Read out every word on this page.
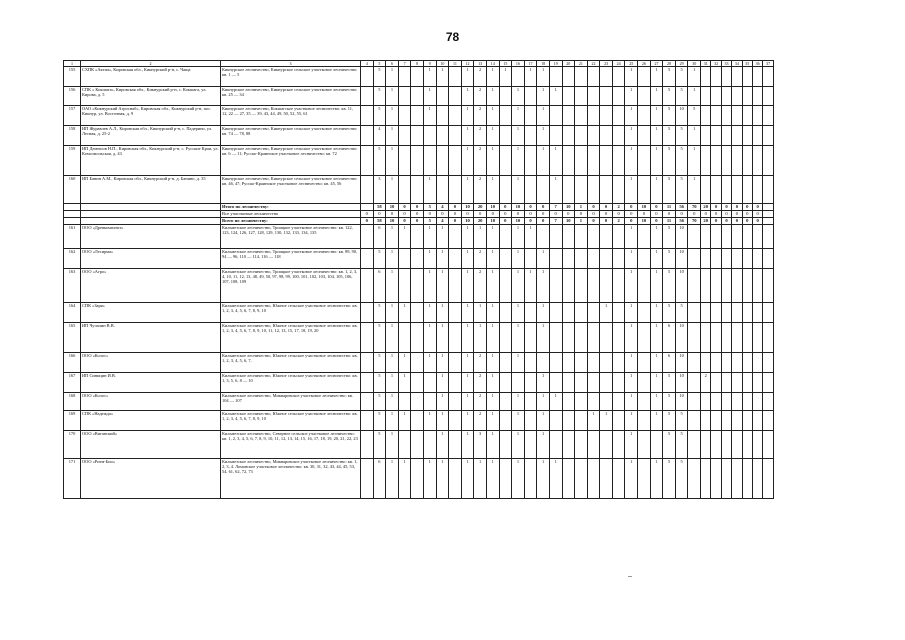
78
1	2	3	4	5	6	7	8	9	10	11	12	13	14	15	16	17	18	19	20	21	22	23	24	25	26	27	28	29	30	31	32	33	34	35	36	37
155	СХПК «Актаи», Кировская обл., Кикнурский р-н, с. Чаща	Кикнурское лесничество, Кикнурское сельское участковое лесничество: кв. 1 — 5		5	1			1	1		1	2	1	1		1	1							1		1	5	5	1							
156	СПК « Кокшага», Кировская обл., Кикнурский р-н, с. Кокшага, ул. Кирова, д. 5	Кикнурское лесничество, Кикнурское сельское участковое лесничество: кв. 25 — 34		5	1			1			1	2	1		1		1	1						1		1	5	5	1							
157	ОАО «Кикнурский Агроснаб», Кировская обл., Кикнурский р-н, пос. Кикнур, ул. Восточная, д. 9	Кикнурское лесничество, Кокшагское участковое лесничество: кв. 11, 12, 22 — 27, 35 — 39, 43, 44, 49, 50, 52, 55, 61		5	1			1			1	2	1		1		1							1		1	5	10	5							
158	ИП Журавлев А.Л., Кировская обл., Кикнурский р-н, с. Падерино, ул. Лесная, д. 25-2	Кикнурское лесничество, Кикнурское сельское участковое лесничество: кв. 74 — 78, 88		4	1						1	2	1		1		1							1		1	5	5	1							
159	ИП Демешов Н.П., Кировская обл., Кикнурский р-н, с. Русские Краи, ул. Комсомольская, д. 43	Кикнурское лесничество, Кикнурское сельское участковое лесничество: кв. 6 — 11; Русско-Краинское участковое лесничество: кв. 72		5	1						1	2	1		1		1	1						1		1	5	5	1							
160	ИП Банин А.М., Кировская обл., Кикнурский р-н, д. Банино, д. 35	Кикнурское лесничество, Кикнурское сельское участковое лесничество: кв. 46, 47; Русско-Краинское участковое лесничество: кв. 45, 56		3	1			1			1	2	1		1			1						1		1	5	5	1							
		Итого по лесничеству:		58	10	0	0	5	4	0	10	20	10	0	10	0	0	7	10	1	0	0	2	0	10	0	11	56	70	20	0	0	0	0	0	
		Все участковые лесничества	0	0	0	0	0	0	0	0	0	0	0	0	0	0	0	0	0	0	0	0	0	0	0	0	0	0	0	0	0	0	0	0	0	
		Всего по лесничеству:	0	58	10	0	0	5	4	0	10	20	10	0	10	0	0	7	10	1	0	0	2	0	10	0	11	56	70	20	0	0	0	0	0	
161	ООО «Древкомплект»	Кильмезское лесничество, Троицкое участковое лесничество: кв. 122, 123, 124, 126, 127, 128, 129, 130, 132, 133, 134, 135		6	1	1		1	1		1	1	1		1	1								1		1	5	10								
162	ООО «Лесирма»	Кильмезское лесничество, Троицкое участковое лесничество: кв. 89, 90, 94 — 96, 110 — 114, 116 — 118		5	1			1	1		1	2	1		1		1							1		1	5	10								
163	ООО «Агро»	Кильмезское лесничество, Троицкое участковое лесничество: кв. 1, 2, 3, 4, 10, 11, 12, 13, 48, 49, 50, 97, 98, 99, 100, 101, 102, 103, 104, 105, 106, 107, 108, 109		6	1			1	1		1	2	1		1	1	1							1		1	5	10								
164	СПК «Заря»	Кильмезское лесничество, Южное сельское участковое лесничество: кв. 1, 2, 3, 4, 5, 6, 7, 8, 9, 10		5	1	1		1	1		1	1	1		1		1					1		1		1	5	5								
165	ИП Чучалин В.В.	Кильмезское лесничество, Южное сельское участковое лесничество: кв. 1, 2, 3, 4, 5, 6, 7, 8, 9, 10, 11, 12, 13, 15, 17, 18, 19, 20		5	1			1	1		1	1	1		1		1							1		1	6	10								
166	ООО «Колос»	Кильмезское лесничество, Южное сельское участковое лесничество: кв. 1, 2, 3, 4, 5, 6, 7,		5	1	1		1	1		1	2	1		1									1		1	6	10								
167	ИП Синицин И.В.	Кильмезское лесничество, Южное сельское участковое лесничество: кв. 1, 3, 5, 6, 8 — 10		5	1	1			1		1	2	1				1							1		1	5	10		2						
168	ООО «Колос»	Кильмезское лесничество, Микваровское участковое лесничество: кв. 104 — 107		5	1				1		1	2	1		1		1	1						1		1	5	10								
169	СПК «Надежда»	Кильмезское лесничество, Южное сельское участковое лесничество: кв. 1, 2, 3, 4, 5, 6, 7, 8, 9, 10		5	1	1		1	1		1	2	1		1		1				1	1		1		1	5	5								
170	ООО «Вятанский»	Кильмезское лесничество, Северное сельское участковое лесничество: кв. 1, 2, 3, 4, 5, 6, 7, 8, 9, 10, 11, 12, 13, 14, 15, 16, 17, 18, 19, 20, 21, 22, 23		5	1				1		1	3	1		1		1							1			5	5								
171	ООО «Ритм-Био»	Кильмезское лесничество, Микваровское участковое лесничество: кв. 1, 2, 3, 4. Ломовское участковое лесничество: кв. 30, 31, 32, 43, 44, 45, 53, 54, 61, 62, 72, 73		6	1	1		1	1		1	1	1		1		1	1						1		1	5	5								
